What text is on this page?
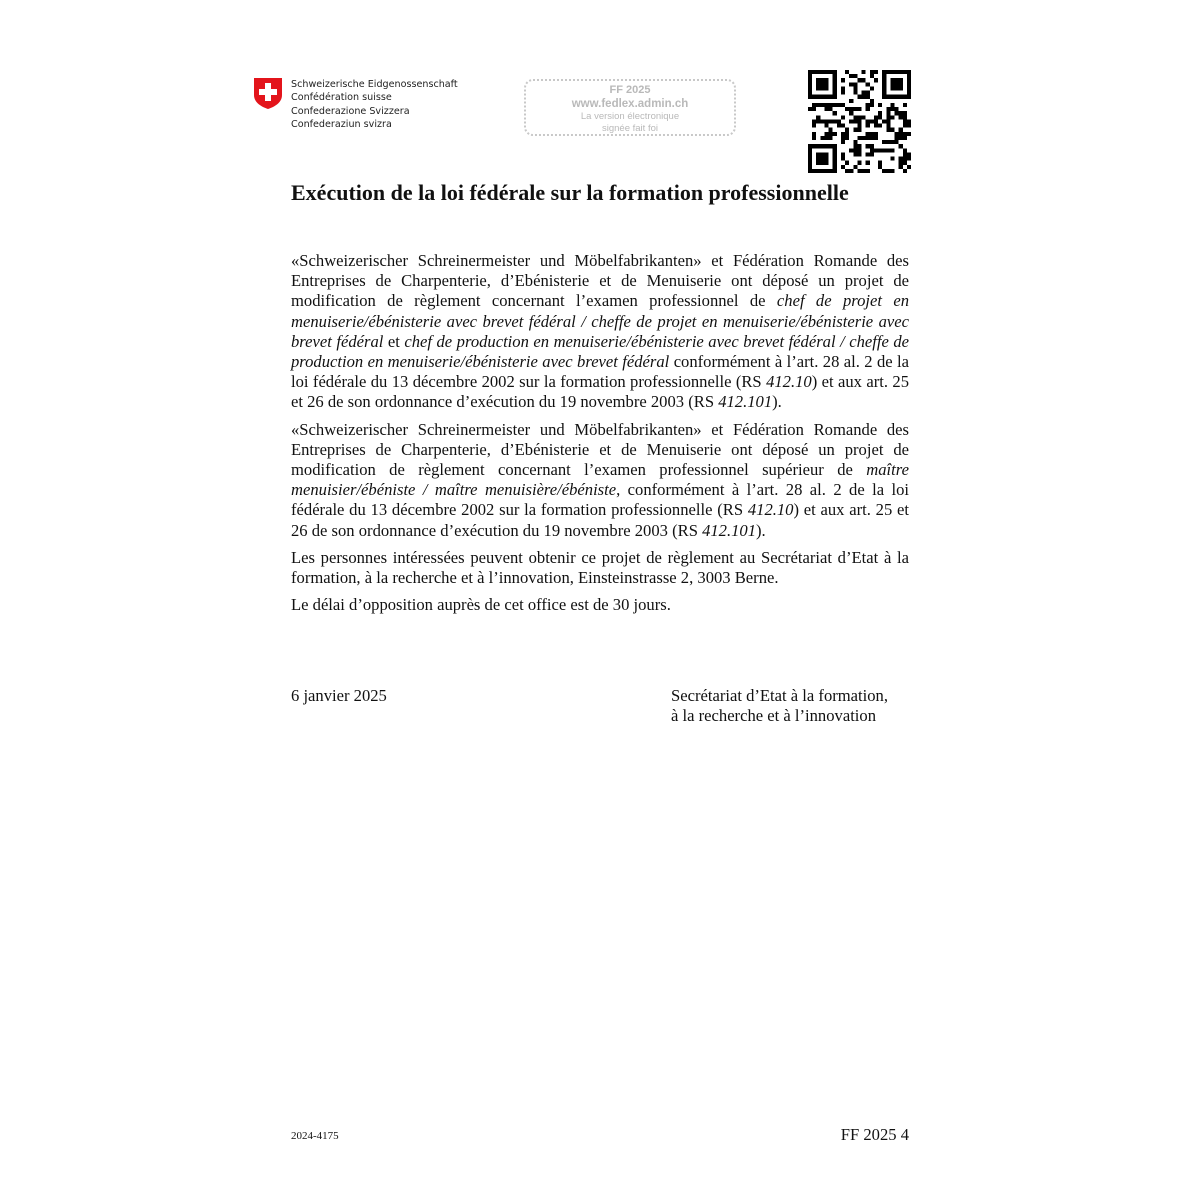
Schweizerische Eidgenossenschaft
Confédération suisse
Confederazione Svizzera
Confederaziun svizra
FF 2025
www.fedlex.admin.ch
La version électronique
signée fait foi
Exécution de la loi fédérale sur la formation professionnelle

«Schweizerischer Schreinermeister und Möbelfabrikanten» et Fédération Romande des Entreprises de Charpenterie, d’Ebénisterie et de Menuiserie ont déposé un projet de modification de règlement concernant l’examen professionnel de chef de projet en menuiserie/ébénisterie avec brevet fédéral / cheffe de projet en menuiserie/ébénisterie avec brevet fédéral et chef de production en menuiserie/ébénisterie avec brevet fédéral / cheffe de production en menuiserie/ébénisterie avec brevet fédéral conformément à l’art. 28 al. 2 de la loi fédérale du 13 décembre 2002 sur la formation professionnelle (RS 412.10) et aux art. 25 et 26 de son ordonnance d’exécution du 19 novembre 2003 (RS 412.101).

«Schweizerischer Schreinermeister und Möbelfabrikanten» et Fédération Romande des Entreprises de Charpenterie, d’Ebénisterie et de Menuiserie ont déposé un projet de modification de règlement concernant l’examen professionnel supérieur de maître menuisier/ébéniste / maître menuisière/ébéniste, conformément à l’art. 28 al. 2 de la loi fédérale du 13 décembre 2002 sur la formation professionnelle (RS 412.10) et aux art. 25 et 26 de son ordonnance d’exécution du 19 novembre 2003 (RS 412.101).

Les personnes intéressées peuvent obtenir ce projet de règlement au Secrétariat d’Etat à la formation, à la recherche et à l’innovation, Einsteinstrasse 2, 3003 Berne.

Le délai d’opposition auprès de cet office est de 30 jours.

6 janvier 2025	Secrétariat d’Etat à la formation,
à la recherche et à l’innovation
2024-4175	FF 2025 4
